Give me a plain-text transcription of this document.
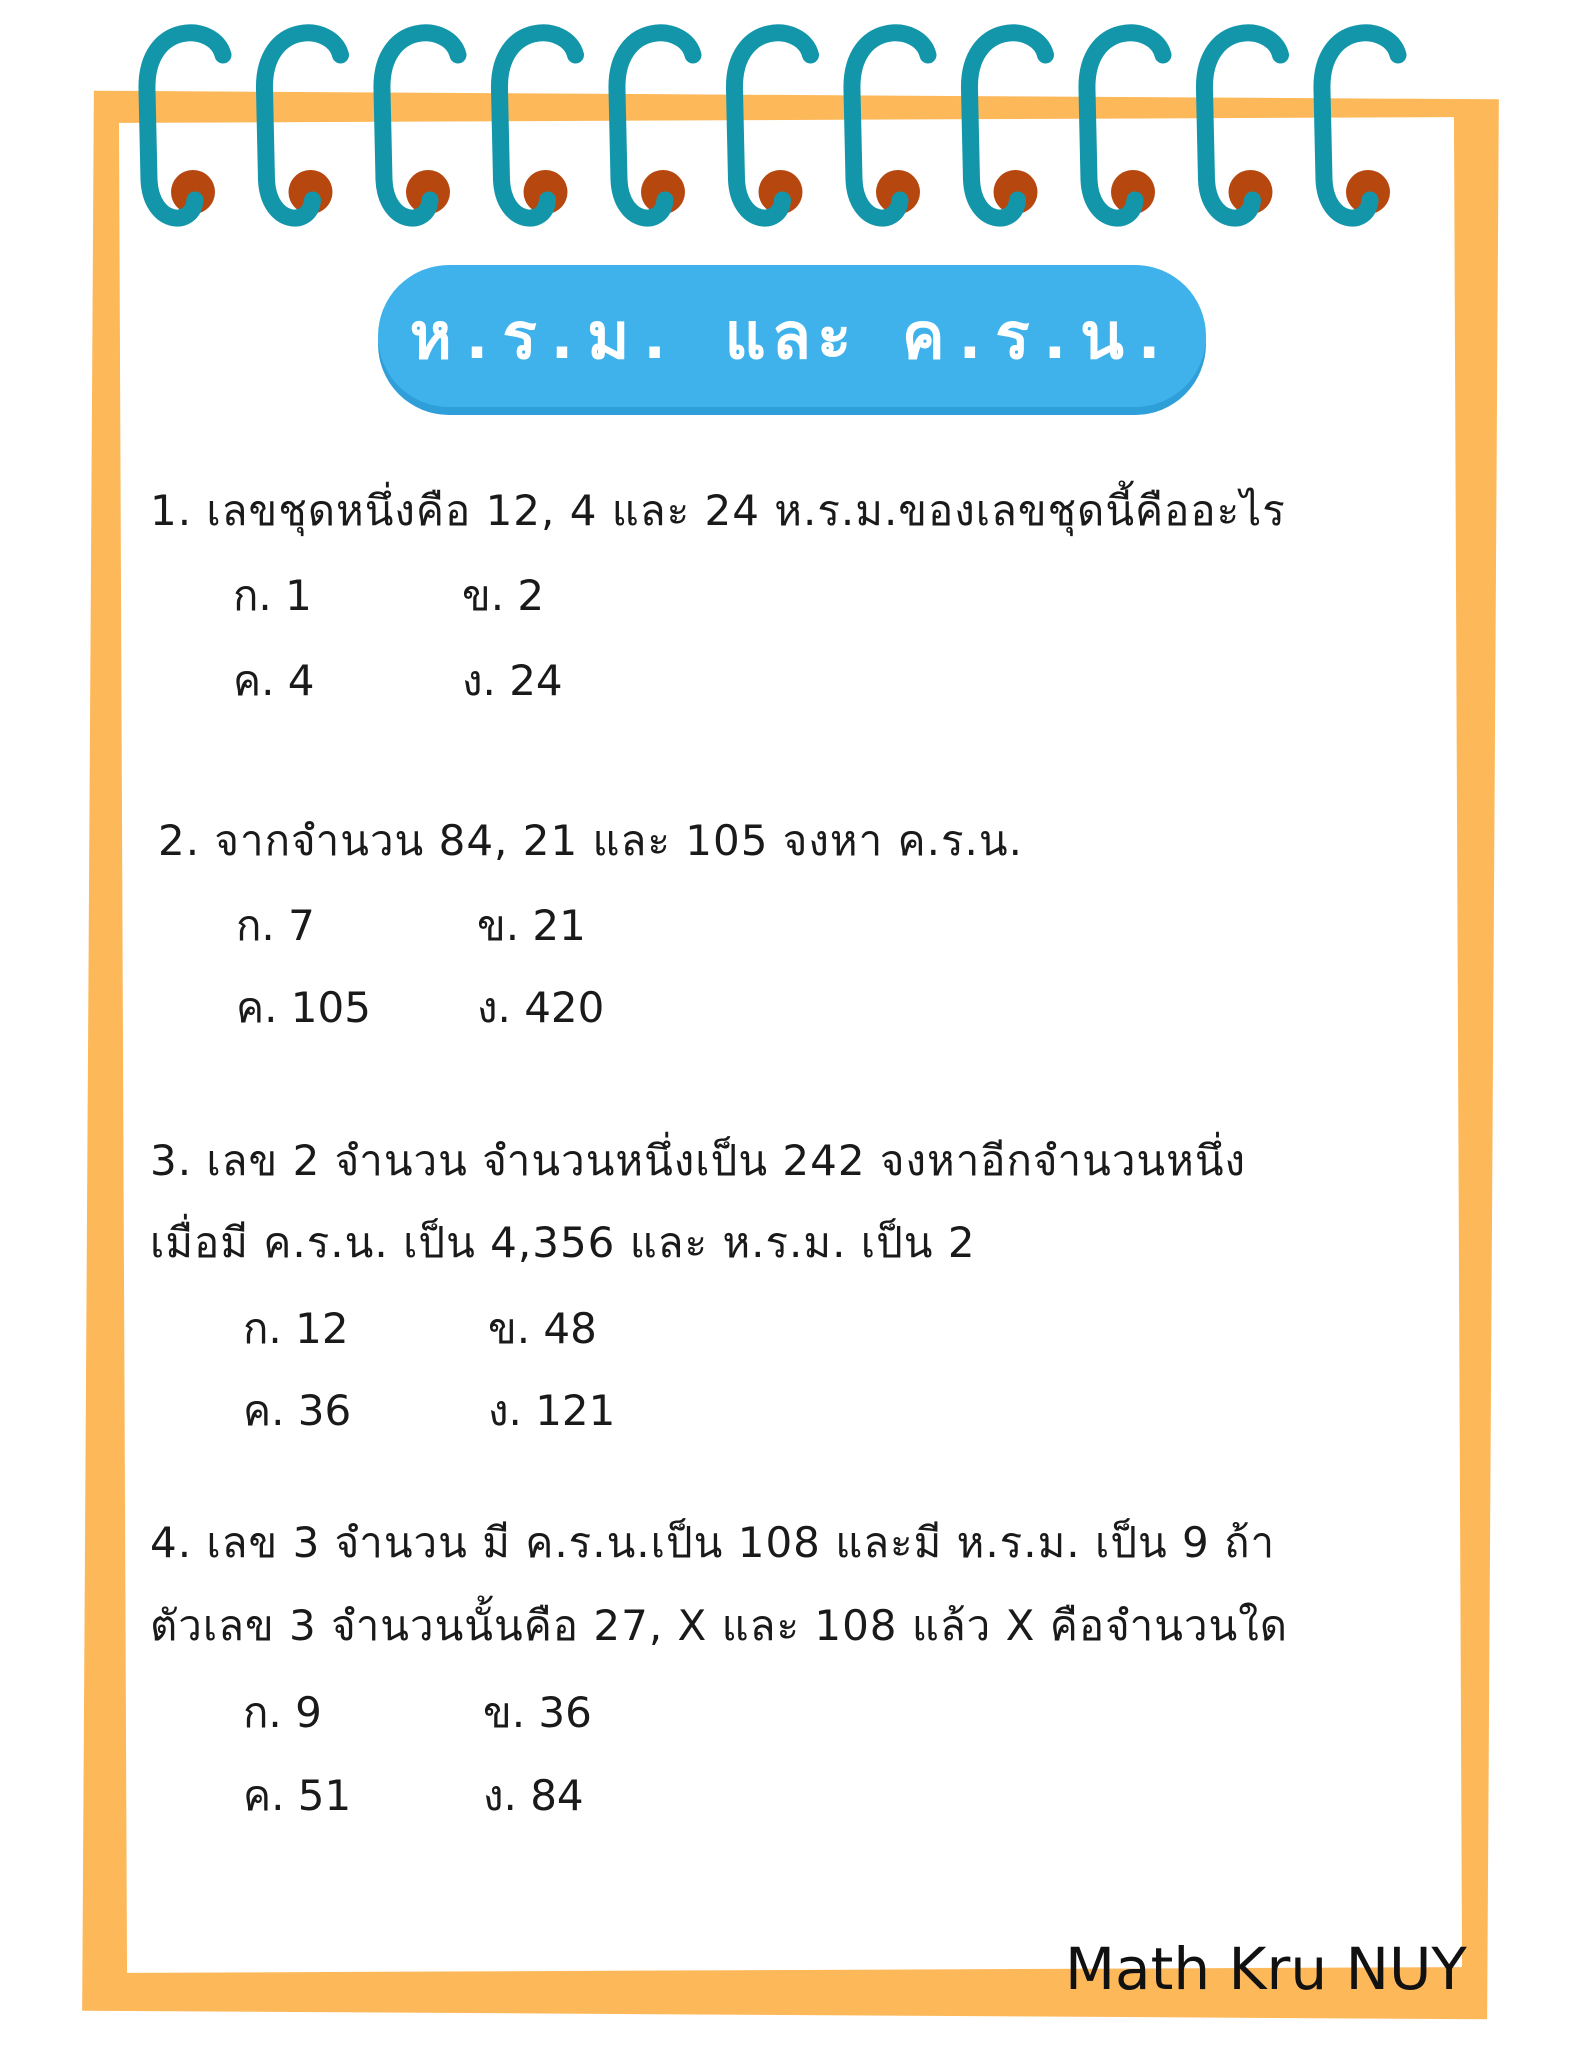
ห.ร.ม. และ ค.ร.น.
1. เลขชุดหนึ่งคือ 12, 4 และ 24 ห.ร.ม.ของเลขชุดนี้คืออะไร
ก. 1	ข. 2
ค. 4	ง. 24
2. จากจำนวน 84, 21 และ 105 จงหา ค.ร.น.
ก. 7	ข. 21
ค. 105	ง. 420
3. เลข 2 จำนวน จำนวนหนึ่งเป็น 242 จงหาอีกจำนวนหนึ่ง
เมื่อมี ค.ร.น. เป็น 4,356 และ ห.ร.ม. เป็น 2
ก. 12	ข. 48
ค. 36	ง. 121
4. เลข 3 จำนวน มี ค.ร.น.เป็น 108 และมี ห.ร.ม. เป็น 9 ถ้า
ตัวเลข 3 จำนวนนั้นคือ 27, X และ 108 แล้ว X คือจำนวนใด
ก. 9	ข. 36
ค. 51	ง. 84
Math Kru NUY
